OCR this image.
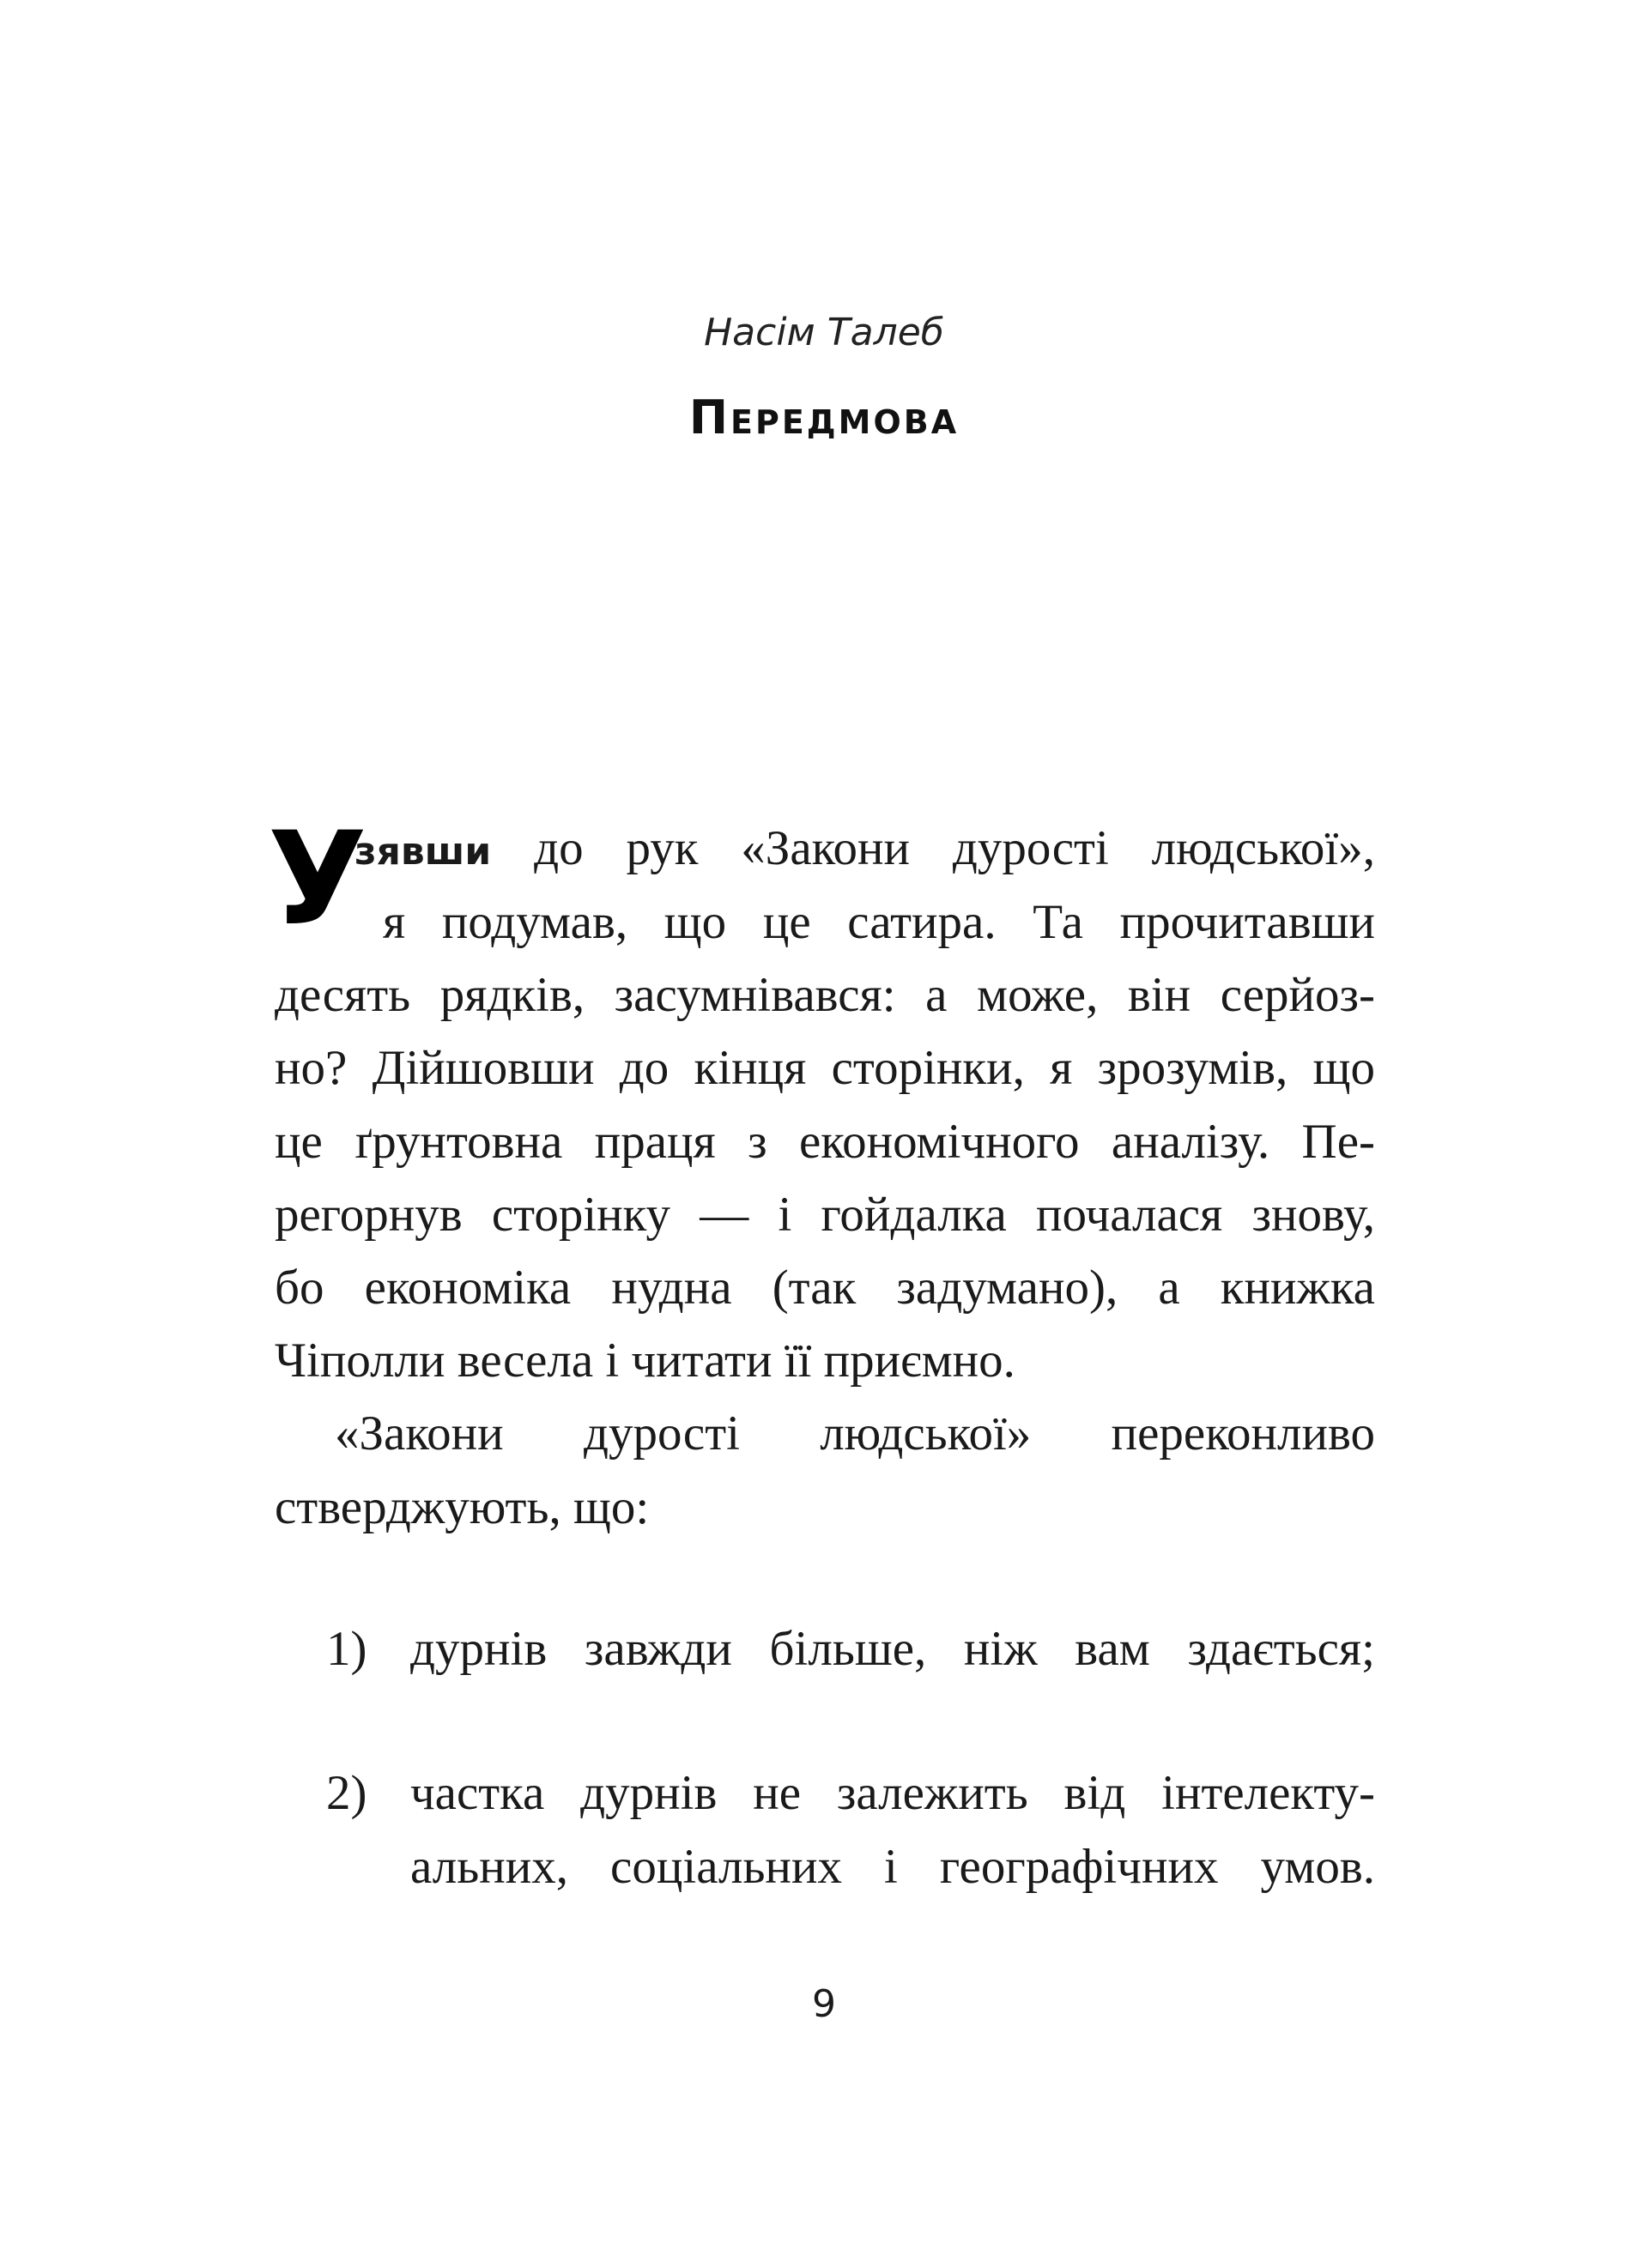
Насім Талеб
Передмова
У
зявши до рук «Закони дурості людської»,
я подумав, що це сатира. Та прочитавши
десять рядків, засумнівався: а може, він серйоз-
но? Дійшовши до кінця сторінки, я зрозумів, що
це ґрунтовна праця з економічного аналізу. Пе-
регорнув сторінку — і гойдалка почалася знову,
бо економіка нудна (так задумано), а книжка
Чіполли весела і читати її приємно.
«Закони дурості людської» переконливо
стверджують, що:
1) дурнів завжди більше, ніж вам здається;
2) частка дурнів не залежить від інтелекту-
альних, соціальних і географічних умов.
9
